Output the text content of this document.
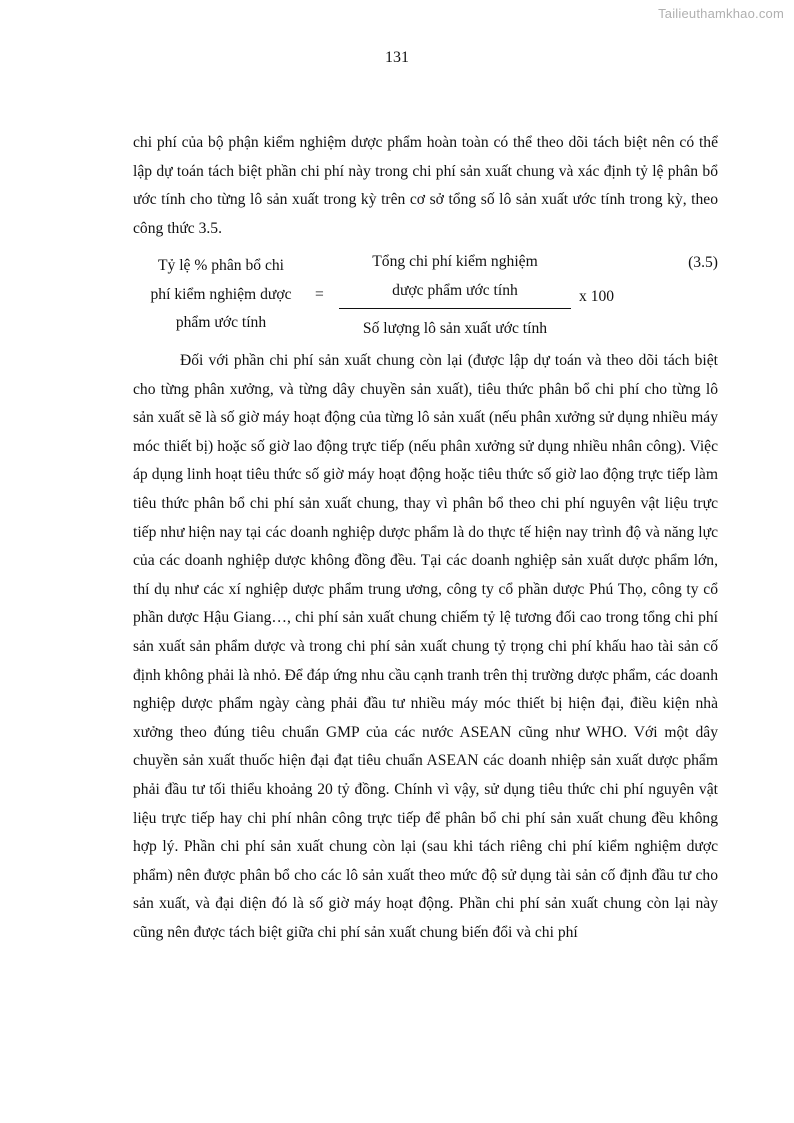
Tailieuthamkhao.com
131

chi phí của bộ phận kiểm nghiệm dược phẩm hoàn toàn có thể theo dõi tách biệt nên có thể lập dự toán tách biệt phần chi phí này trong chi phí sản xuất chung và xác định tỷ lệ phân bổ ước tính cho từng lô sản xuất trong kỳ trên cơ sở tổng số lô sản xuất ước tính trong kỳ, theo công thức 3.5.

Tỷ lệ % phân bổ chi
phí kiểm nghiệm dược
phẩm ước tính
=
Tổng chi phí kiểm nghiệm
dược phẩm ước tính
Số lượng lô sản xuất ước tính
x 100
(3.5)

Đối với phần chi phí sản xuất chung còn lại (được lập dự toán và theo dõi tách biệt cho từng phân xưởng, và từng dây chuyền sản xuất), tiêu thức phân bổ chi phí cho từng lô sản xuất sẽ là số giờ máy hoạt động của từng lô sản xuất (nếu phân xưởng sử dụng nhiều máy móc thiết bị) hoặc số giờ lao động trực tiếp (nếu phân xưởng sử dụng nhiều nhân công). Việc áp dụng linh hoạt tiêu thức số giờ máy hoạt động hoặc tiêu thức số giờ lao động trực tiếp làm tiêu thức phân bổ chi phí sản xuất chung, thay vì phân bổ theo chi phí nguyên vật liệu trực tiếp như hiện nay tại các doanh nghiệp dược phẩm là do thực tế hiện nay trình độ và năng lực của các doanh nghiệp dược không đồng đều. Tại các doanh nghiệp sản xuất dược phẩm lớn, thí dụ như các xí nghiệp dược phẩm trung ương, công ty cổ phần dược Phú Thọ, công ty cổ phần dược Hậu Giang…, chi phí sản xuất chung chiếm tỷ lệ tương đối cao trong tổng chi phí sản xuất sản phẩm dược và trong chi phí sản xuất chung tỷ trọng chi phí khấu hao tài sản cố định không phải là nhỏ. Để đáp ứng nhu cầu cạnh tranh trên thị trường dược phẩm, các doanh nghiệp dược phẩm ngày càng phải đầu tư nhiều máy móc thiết bị hiện đại, điều kiện nhà xưởng theo đúng tiêu chuẩn GMP của các nước ASEAN cũng như WHO. Với một dây chuyền sản xuất thuốc hiện đại đạt tiêu chuẩn ASEAN các doanh nhiệp sản xuất dược phẩm phải đầu tư tối thiểu khoảng 20 tỷ đồng. Chính vì vậy, sử dụng tiêu thức chi phí nguyên vật liệu trực tiếp hay chi phí nhân công trực tiếp để phân bổ chi phí sản xuất chung đều không hợp lý. Phần chi phí sản xuất chung còn lại (sau khi tách riêng chi phí kiểm nghiệm dược phẩm) nên được phân bổ cho các lô sản xuất theo mức độ sử dụng tài sản cố định đầu tư cho sản xuất, và đại diện đó là số giờ máy hoạt động. Phần chi phí sản xuất chung còn lại này cũng nên được tách biệt giữa chi phí sản xuất chung biến đổi và chi phí
